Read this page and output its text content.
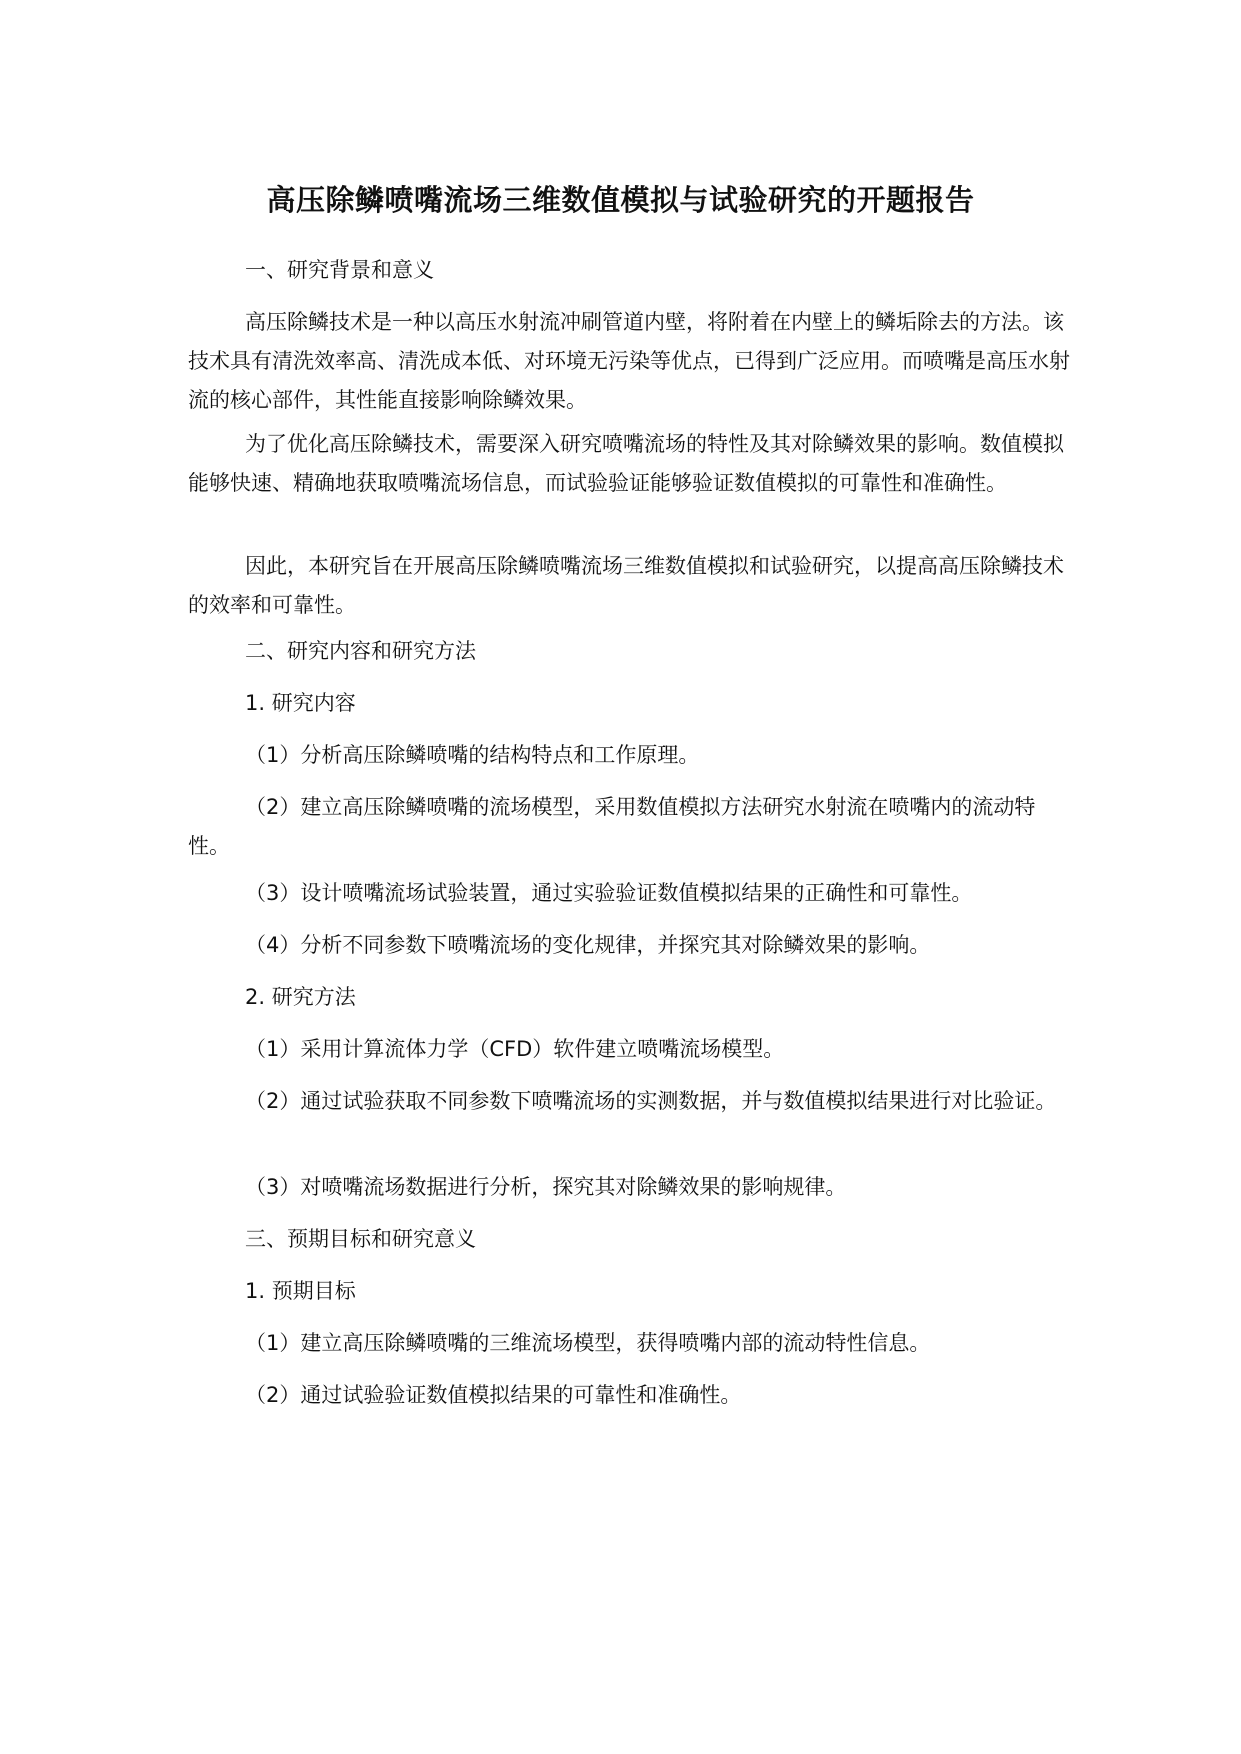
高压除鳞喷嘴流场三维数值模拟与试验研究的开题报告

一、研究背景和意义

高压除鳞技术是一种以高压水射流冲刷管道内壁，将附着在内壁上的鳞垢除去的方法。该技术具有清洗效率高、清洗成本低、对环境无污染等优点，已得到广泛应用。而喷嘴是高压水射流的核心部件，其性能直接影响除鳞效果。

为了优化高压除鳞技术，需要深入研究喷嘴流场的特性及其对除鳞效果的影响。数值模拟能够快速、精确地获取喷嘴流场信息，而试验验证能够验证数值模拟的可靠性和准确性。

因此，本研究旨在开展高压除鳞喷嘴流场三维数值模拟和试验研究，以提高高压除鳞技术的效率和可靠性。

二、研究内容和研究方法

1. 研究内容

（1）分析高压除鳞喷嘴的结构特点和工作原理。

（2）建立高压除鳞喷嘴的流场模型，采用数值模拟方法研究水射流在喷嘴内的流动特性。

（3）设计喷嘴流场试验装置，通过实验验证数值模拟结果的正确性和可靠性。

（4）分析不同参数下喷嘴流场的变化规律，并探究其对除鳞效果的影响。

2. 研究方法

（1）采用计算流体力学（CFD）软件建立喷嘴流场模型。

（2）通过试验获取不同参数下喷嘴流场的实测数据，并与数值模拟结果进行对比验证。

（3）对喷嘴流场数据进行分析，探究其对除鳞效果的影响规律。

三、预期目标和研究意义

1. 预期目标

（1）建立高压除鳞喷嘴的三维流场模型，获得喷嘴内部的流动特性信息。

（2）通过试验验证数值模拟结果的可靠性和准确性。
